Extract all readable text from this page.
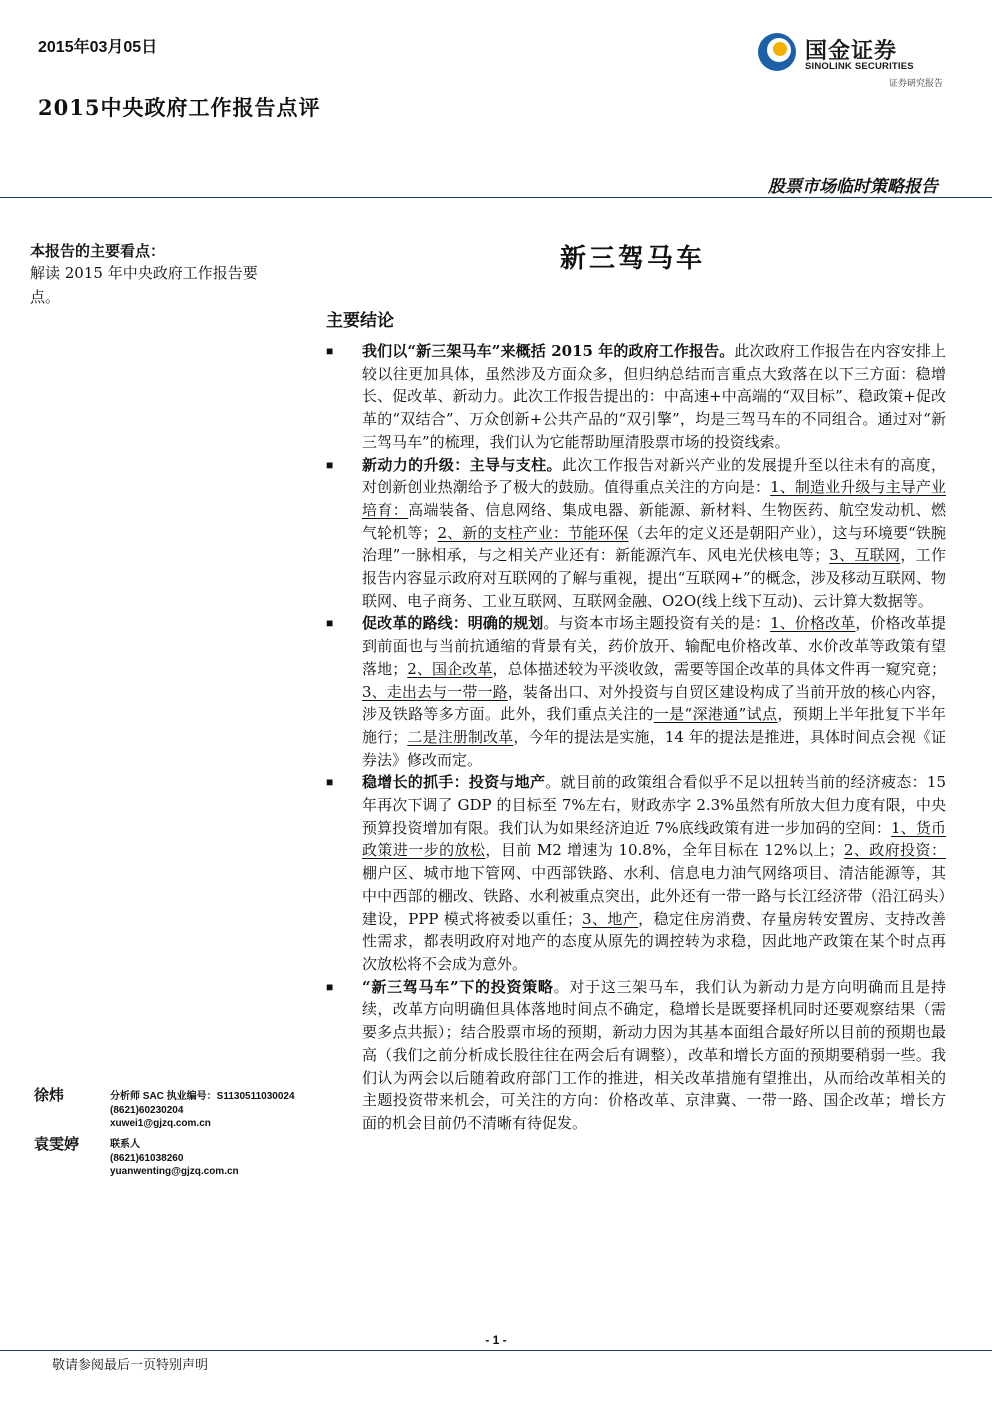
2015年03月05日
2015中央政府工作报告点评
国金证券
SINOLINK SECURITIES
证券研究报告
股票市场临时策略报告
本报告的主要看点：
解读 2015 年中央政府工作报告要点。
新三驾马车
主要结论
■	我们以“新三架马车”来概括 2015 年的政府工作报告。此次政府工作报告在内容安排上较以往更加具体，虽然涉及方面众多，但归纳总结而言重点大致落在以下三方面：稳增长、促改革、新动力。此次工作报告提出的：中高速+中高端的“双目标”、稳政策+促改革的“双结合”、万众创新+公共产品的“双引擎”，均是三驾马车的不同组合。通过对“新三驾马车”的梳理，我们认为它能帮助厘清股票市场的投资线索。
■	新动力的升级：主导与支柱。此次工作报告对新兴产业的发展提升至以往未有的高度，对创新创业热潮给予了极大的鼓励。值得重点关注的方向是：1、制造业升级与主导产业培育：高端装备、信息网络、集成电器、新能源、新材料、生物医药、航空发动机、燃气轮机等；2、新的支柱产业：节能环保（去年的定义还是朝阳产业），这与环境要“铁腕治理”一脉相承，与之相关产业还有：新能源汽车、风电光伏核电等；3、互联网，工作报告内容显示政府对互联网的了解与重视，提出“互联网+”的概念，涉及移动互联网、物联网、电子商务、工业互联网、互联网金融、O2O(线上线下互动)、云计算大数据等。
■	促改革的路线：明确的规划。与资本市场主题投资有关的是：1、价格改革，价格改革提到前面也与当前抗通缩的背景有关，药价放开、输配电价格改革、水价改革等政策有望落地；2、国企改革，总体描述较为平淡收敛，需要等国企改革的具体文件再一窥究竟；3、走出去与一带一路，装备出口、对外投资与自贸区建设构成了当前开放的核心内容，涉及铁路等多方面。此外，我们重点关注的一是“深港通”试点，预期上半年批复下半年施行；二是注册制改革，今年的提法是实施，14 年的提法是推进，具体时间点会视《证券法》修改而定。
■	稳增长的抓手：投资与地产。就目前的政策组合看似乎不足以扭转当前的经济疲态：15 年再次下调了 GDP 的目标至 7%左右，财政赤字 2.3%虽然有所放大但力度有限，中央预算投资增加有限。我们认为如果经济迫近 7%底线政策有进一步加码的空间：1、货币政策进一步的放松，目前 M2 增速为 10.8%，全年目标在 12%以上；2、政府投资：棚户区、城市地下管网、中西部铁路、水利、信息电力油气网络项目、清洁能源等，其中中西部的棚改、铁路、水利被重点突出，此外还有一带一路与长江经济带（沿江码头）建设，PPP 模式将被委以重任；3、地产，稳定住房消费、存量房转安置房、支持改善性需求，都表明政府对地产的态度从原先的调控转为求稳，因此地产政策在某个时点再次放松将不会成为意外。
■	“新三驾马车”下的投资策略。对于这三架马车，我们认为新动力是方向明确而且是持续，改革方向明确但具体落地时间点不确定，稳增长是既要择机同时还要观察结果（需要多点共振）；结合股票市场的预期，新动力因为其基本面组合最好所以目前的预期也最高（我们之前分析成长股往往在两会后有调整），改革和增长方面的预期要稍弱一些。我们认为两会以后随着政府部门工作的推进，相关改革措施有望推出，从而给改革相关的主题投资带来机会，可关注的方向：价格改革、京津冀、一带一路、国企改革；增长方面的机会目前仍不清晰有待促发。
徐炜	分析师 SAC 执业编号：S1130511030024
(8621)60230204
xuwei1@gjzq.com.cn
袁雯婷	联系人
(8621)61038260
yuanwenting@gjzq.com.cn
- 1 -
敬请参阅最后一页特别声明
